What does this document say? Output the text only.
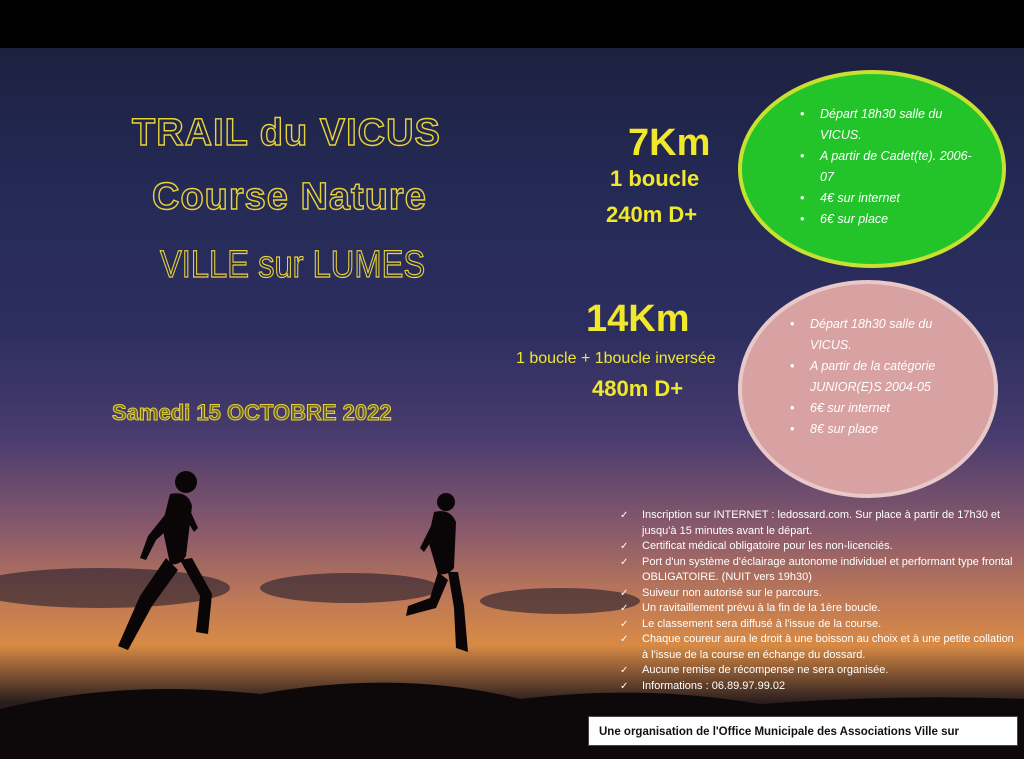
TRAIL du VICUS
Course Nature
VILLE sur LUMES
Samedi 15 OCTOBRE 2022
7Km
1 boucle
240m D+
• Départ 18h30 salle du VICUS.
• A partir de Cadet(te). 2006-07
• 4€ sur internet
• 6€ sur place
14Km
1 boucle + 1boucle inversée
480m D+
• Départ 18h30 salle du VICUS.
• A partir de la catégorie JUNIOR(E)S 2004-05
• 6€ sur internet
• 8€ sur place
✓ Inscription sur INTERNET : ledossard.com. Sur place à partir de 17h30 et jusqu'à 15 minutes avant le départ.
✓ Certificat médical obligatoire pour les non-licenciés.
✓ Port d'un système d'éclairage autonome individuel et performant type frontal OBLIGATOIRE. (NUIT vers 19h30)
✓ Suiveur non autorisé sur le parcours.
✓ Un ravitaillement prévu à la fin de la 1ère boucle.
✓ Le classement sera diffusé à l'issue de la course.
✓ Chaque coureur aura le droit à une boisson au choix et à une petite collation à l'issue de la course en échange du dossard.
✓ Aucune remise de récompense ne sera organisée.
✓ Informations : 06.89.97.99.02
Une organisation de l'Office Municipale des Associations Ville sur
